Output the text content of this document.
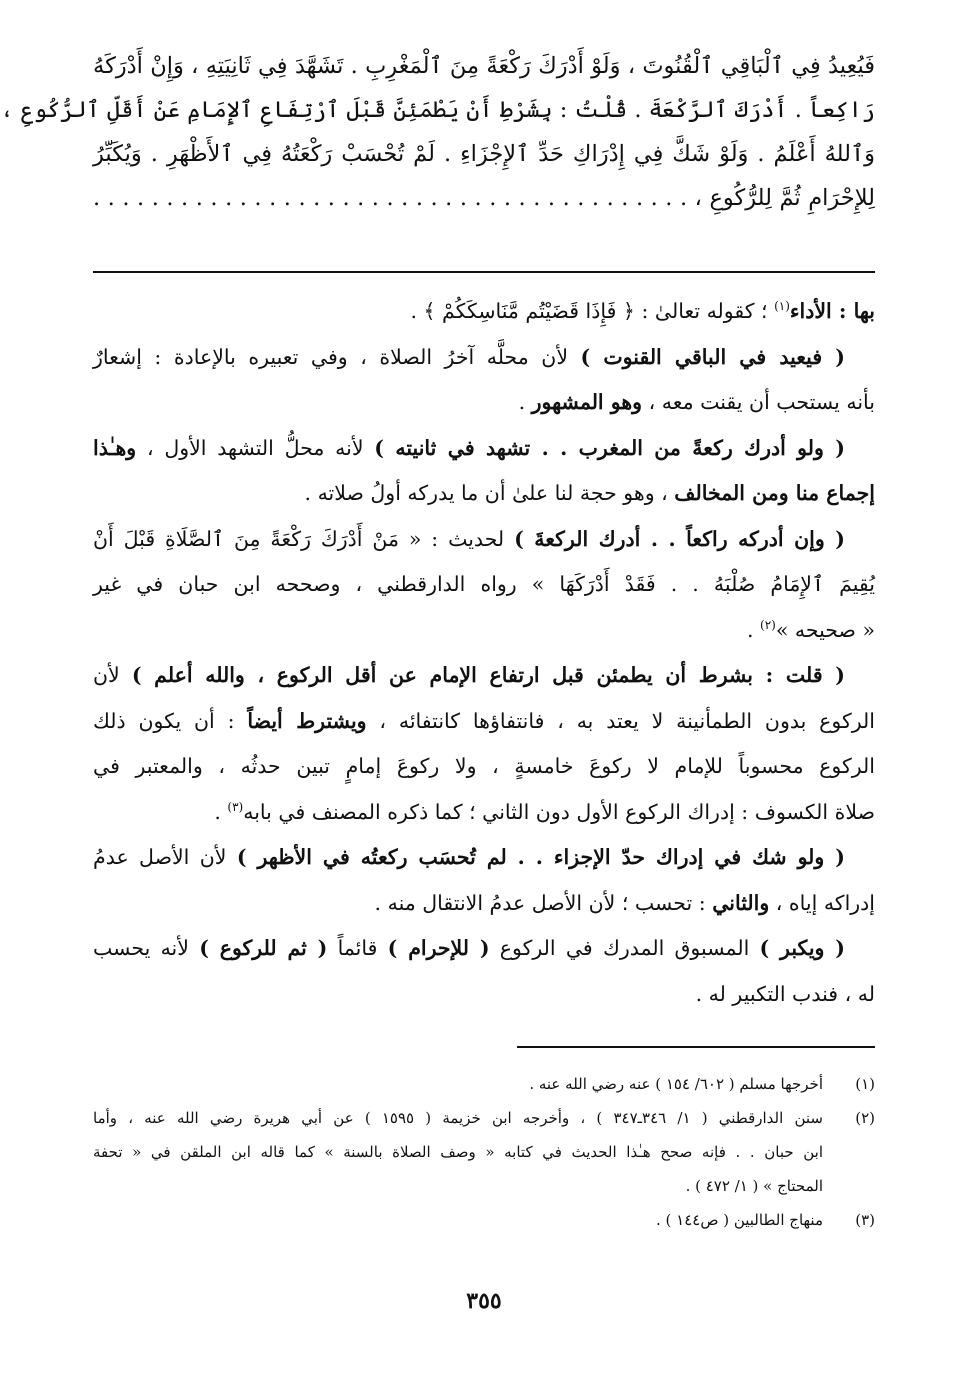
فَيُعِيدُ فِي ٱلْبَاقِي ٱلْقُنُوتَ ، وَلَوْ أَدْرَكَ رَكْعَةً مِنَ ٱلْمَغْرِبِ . تَشَهَّدَ فِي ثَانِيَتِهِ ، وَإِنْ أَدْرَكَهُ
رَاكِعاً . أَدْرَكَ ٱلرَّكْعَةَ . قُلْتُ : بِشَرْطِ أَنْ يَطْمَئِنَّ قَبْلَ ٱرْتِفَاعِ ٱلإِمَامِ عَنْ أَقَلِّ ٱلرُّكُوعِ ،
وَٱللهُ أَعْلَمُ . وَلَوْ شَكَّ فِي إِدْرَاكِ حَدِّ ٱلإِجْزَاءِ . لَمْ تُحْسَبْ رَكْعَتُهُ فِي ٱلأَظْهَرِ . وَيُكَبِّرُ
لِلإِحْرَامِ ثُمَّ لِلرُّكُوعِ ، . . . . . . . . . . . . . . . . . . . . . . . . . . . . . . . . . . . . . . . . .
بها : الأداء$^{(١)}$ ؛ كقوله تعالىٰ : ﴿ فَإِذَا قَضَيْتُم مَّنَاسِكَكُمْ ﴾ .
( فيعيد في الباقي القنوت ) لأن محلَّه آخرُ الصلاة ، وفي تعبيره بالإعادة : إشعارٌ
بأنه يستحب أن يقنت معه ، وهو المشهور .
( ولو أدرك ركعةً من المغرب . . تشهد في ثانيته ) لأنه محلُّ التشهد الأول ، وهـٰذا
إجماع منا ومن المخالف ، وهو حجة لنا علىٰ أن ما يدركه أولُ صلاته .
( وإن أدركه راكعاً . . أدرك الركعةَ ) لحديث : « مَنْ أَدْرَكَ رَكْعَةً مِنَ ٱلصَّلَاةِ قَبْلَ أَنْ
يُقِيمَ ٱلإِمَامُ صُلْبَهُ . . فَقَدْ أَدْرَكَهَا » رواه الدارقطني ، وصححه ابن حبان في غير
« صحيحه »$^{(٢)}$ .
( قلت : بشرط أن يطمئن قبل ارتفاع الإمام عن أقل الركوع ، والله أعلم ) لأن
الركوع بدون الطمأنينة لا يعتد به ، فانتفاؤها كانتفائه ، ويشترط أيضاً : أن يكون ذلك
الركوع محسوباً للإمام لا ركوعَ خامسةٍ ، ولا ركوعَ إمامٍ تبين حدثُه ، والمعتبر في
صلاة الكسوف : إدراك الركوع الأول دون الثاني ؛ كما ذكره المصنف في بابه$^{(٣)}$ .
( ولو شك في إدراك حدّ الإجزاء . . لم تُحسَب ركعتُه في الأظهر ) لأن الأصل عدمُ
إدراكه إياه ، والثاني : تحسب ؛ لأن الأصل عدمُ الانتقال منه .
( ويكبر ) المسبوق المدرك في الركوع ( للإحرام ) قائماً ( ثم للركوع ) لأنه يحسب
له ، فندب التكبير له .
(١)
أخرجها مسلم ( ٦٠٢/ ١٥٤ ) عنه رضي الله عنه .
(٢)
سنن الدارقطني ( ١/ ٣٤٦ـ٣٤٧ ) ، وأخرجه ابن خزيمة ( ١٥٩٥ ) عن أبي هريرة رضي الله عنه ، وأما
ابن حبان . . فإنه صحح هـٰذا الحديث في كتابه « وصف الصلاة بالسنة » كما قاله ابن الملقن في « تحفة
المحتاج » ( ١/ ٤٧٢ ) .
(٣)
منهاج الطالبين ( ص١٤٤ ) .
٣٥٥
